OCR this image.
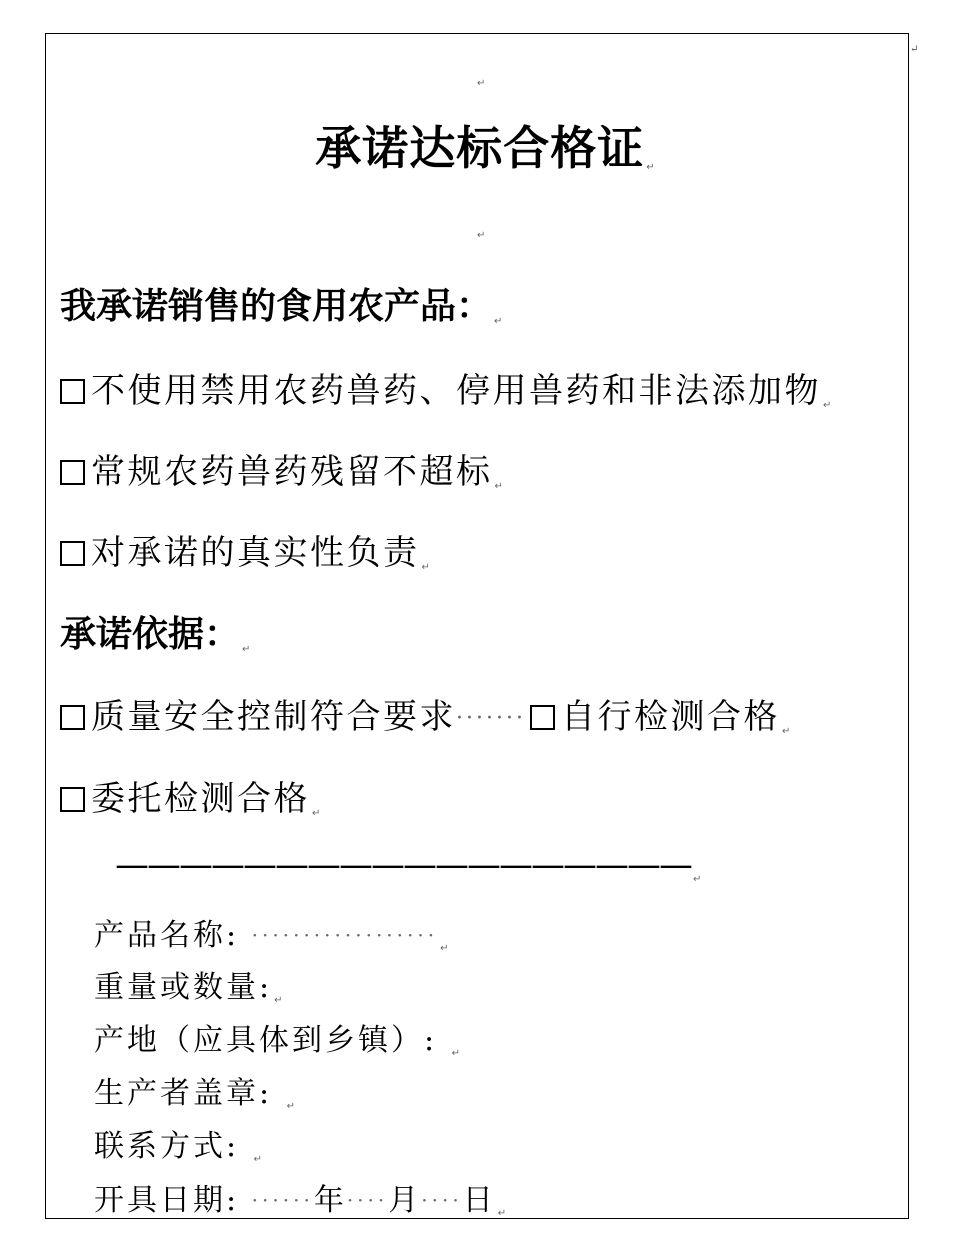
↵
↵
承诺达标合格证 ↵
↵
我承诺销售的食用农产品： ↵
不使用禁用农药兽药、停用兽药和非法添加物 ↵
常规农药兽药残留不超标 ↵
对承诺的真实性负责 ↵
承诺依据： ↵
质量安全控制符合要求······· 自行检测合格 ↵
委托检测合格 ↵
—————————————————— ↵
产品名称: $\cdot\cdot\cdot\cdot\cdot\cdot\cdot\cdot\cdot\cdot\cdot\cdot\cdot\cdot\cdot\cdot\cdot\cdot_↵$
重量或数量: $_↵$
产地（应具体到乡镇）: $_↵$
生产者盖章: $_↵$
联系方式: $_↵$
开具日期: ······年····月····日 $_↵$
